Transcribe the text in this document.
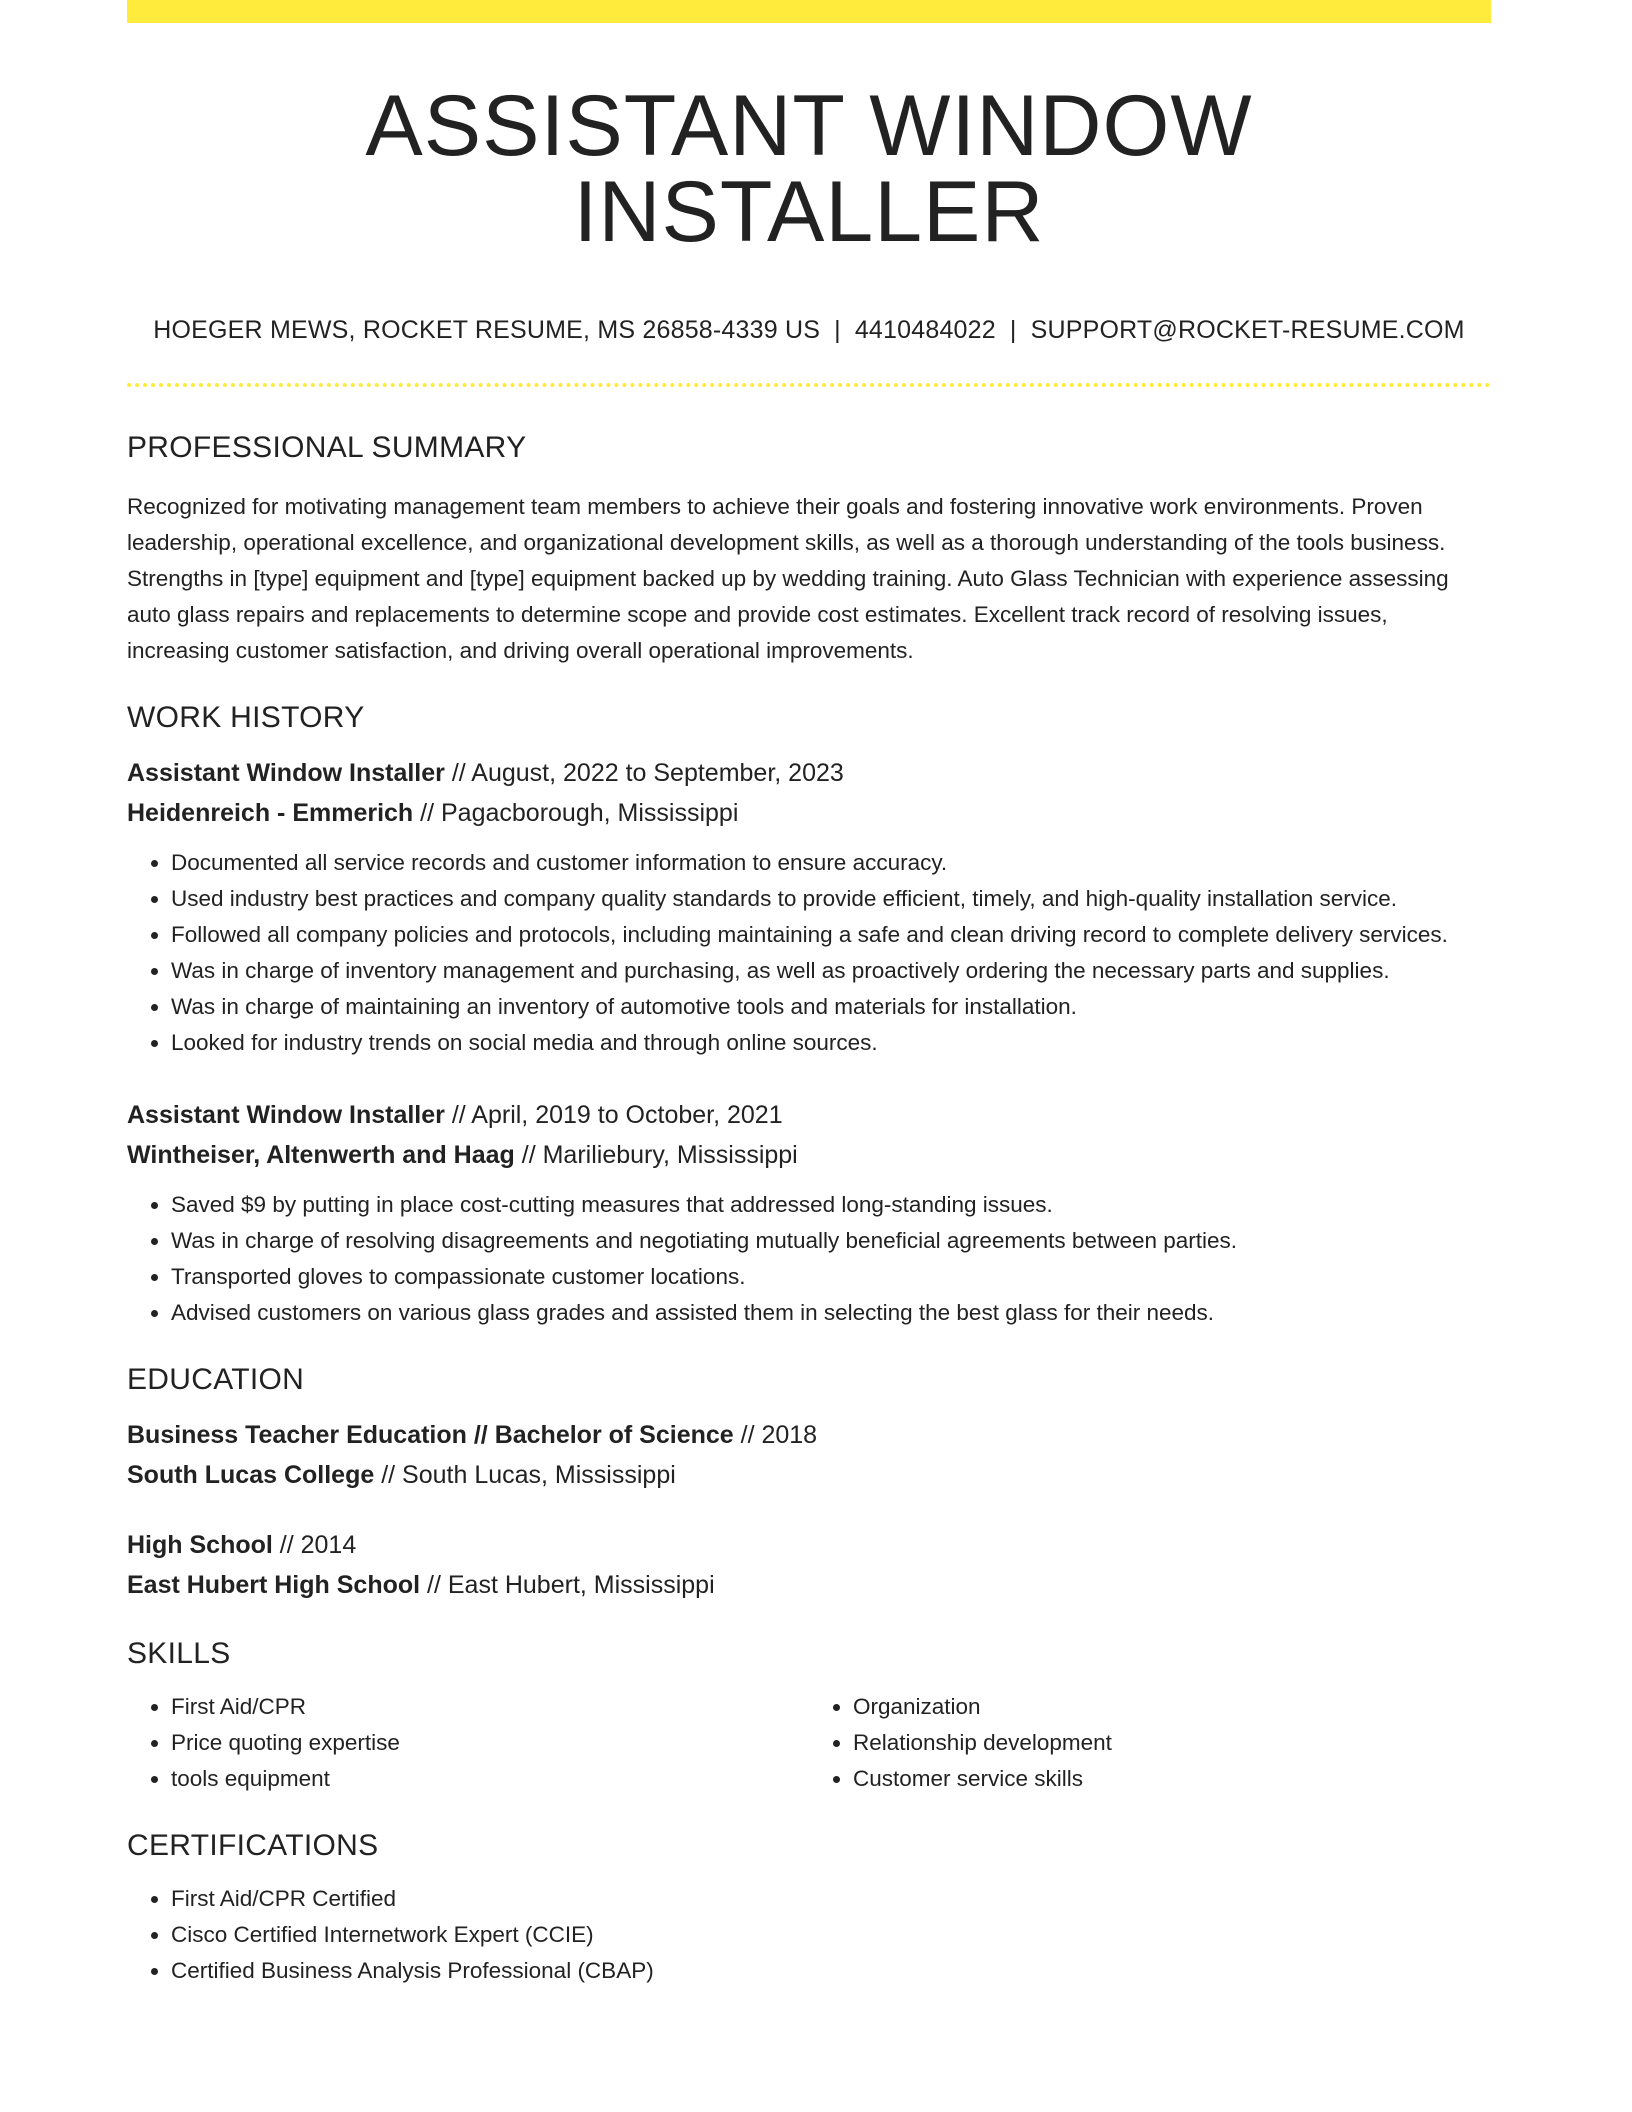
ASSISTANT WINDOW INSTALLER
HOEGER MEWS, ROCKET RESUME, MS 26858-4339 US | 4410484022 | SUPPORT@ROCKET-RESUME.COM
PROFESSIONAL SUMMARY
Recognized for motivating management team members to achieve their goals and fostering innovative work environments. Proven leadership, operational excellence, and organizational development skills, as well as a thorough understanding of the tools business. Strengths in [type] equipment and [type] equipment backed up by wedding training. Auto Glass Technician with experience assessing auto glass repairs and replacements to determine scope and provide cost estimates. Excellent track record of resolving issues, increasing customer satisfaction, and driving overall operational improvements.
WORK HISTORY
Assistant Window Installer // August, 2022 to September, 2023
Heidenreich - Emmerich // Pagacborough, Mississippi
• Documented all service records and customer information to ensure accuracy.
• Used industry best practices and company quality standards to provide efficient, timely, and high-quality installation service.
• Followed all company policies and protocols, including maintaining a safe and clean driving record to complete delivery services.
• Was in charge of inventory management and purchasing, as well as proactively ordering the necessary parts and supplies.
• Was in charge of maintaining an inventory of automotive tools and materials for installation.
• Looked for industry trends on social media and through online sources.
Assistant Window Installer // April, 2019 to October, 2021
Wintheiser, Altenwerth and Haag // Mariliebury, Mississippi
• Saved $9 by putting in place cost-cutting measures that addressed long-standing issues.
• Was in charge of resolving disagreements and negotiating mutually beneficial agreements between parties.
• Transported gloves to compassionate customer locations.
• Advised customers on various glass grades and assisted them in selecting the best glass for their needs.
EDUCATION
Business Teacher Education // Bachelor of Science // 2018
South Lucas College // South Lucas, Mississippi
High School // 2014
East Hubert High School // East Hubert, Mississippi
SKILLS
• First Aid/CPR
• Price quoting expertise
• tools equipment
• Organization
• Relationship development
• Customer service skills
CERTIFICATIONS
• First Aid/CPR Certified
• Cisco Certified Internetwork Expert (CCIE)
• Certified Business Analysis Professional (CBAP)
